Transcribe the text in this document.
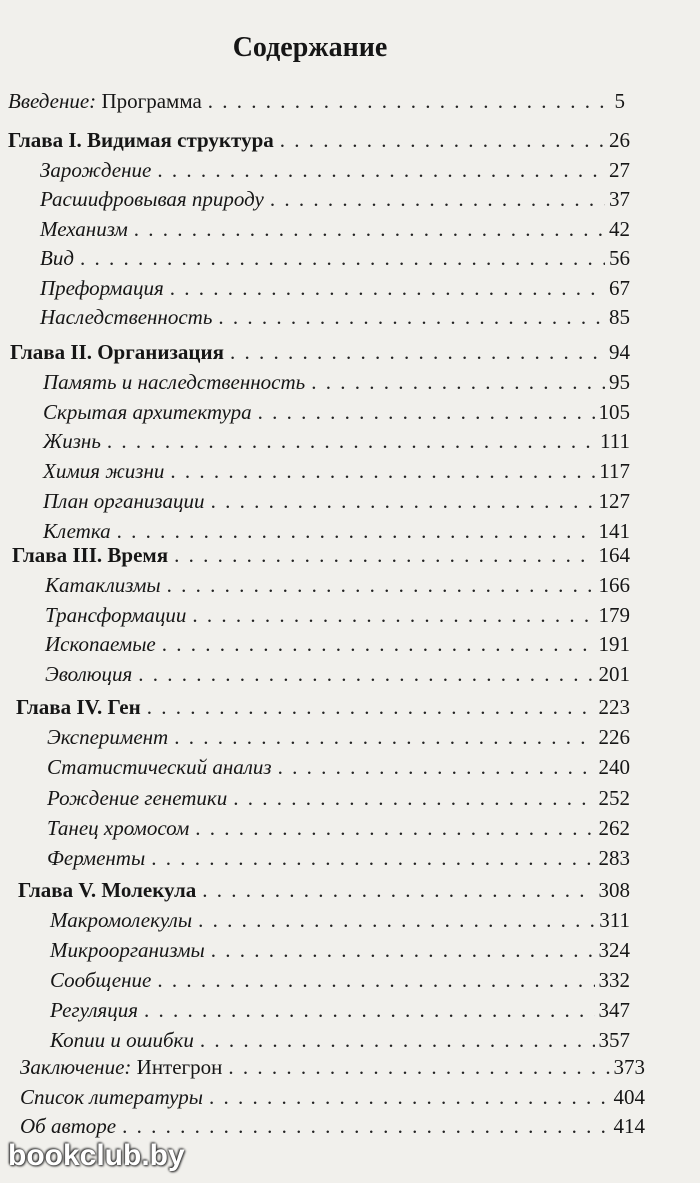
Содержание
Введение: Программа . . .	5
Глава I. Видимая структура . . .	26
Зарождение . . .	27
Расшифровывая природу . . .	37
Механизм . . .	42
Вид . . .	56
Преформация . . .	67
Наследственность . . .	85
Глава II. Организация . . .	94
Память и наследственность . . .	95
Скрытая архитектура . . .	105
Жизнь . . .	111
Химия жизни . . .	117
План организации . . .	127
Клетка . . .	141
Глава III. Время . . .	164
Катаклизмы . . .	166
Трансформации . . .	179
Ископаемые . . .	191
Эволюция . . .	201
Глава IV. Ген . . .	223
Эксперимент . . .	226
Статистический анализ . . .	240
Рождение генетики . . .	252
Танец хромосом . . .	262
Ферменты . . .	283
Глава V. Молекула . . .	308
Макромолекулы . . .	311
Микроорганизмы . . .	324
Сообщение . . .	332
Регуляция . . .	347
Копии и ошибки . . .	357
Заключение: Интегрон . . .	373
Список литературы . . .	404
Об авторе . . .	414
bookclub.by
